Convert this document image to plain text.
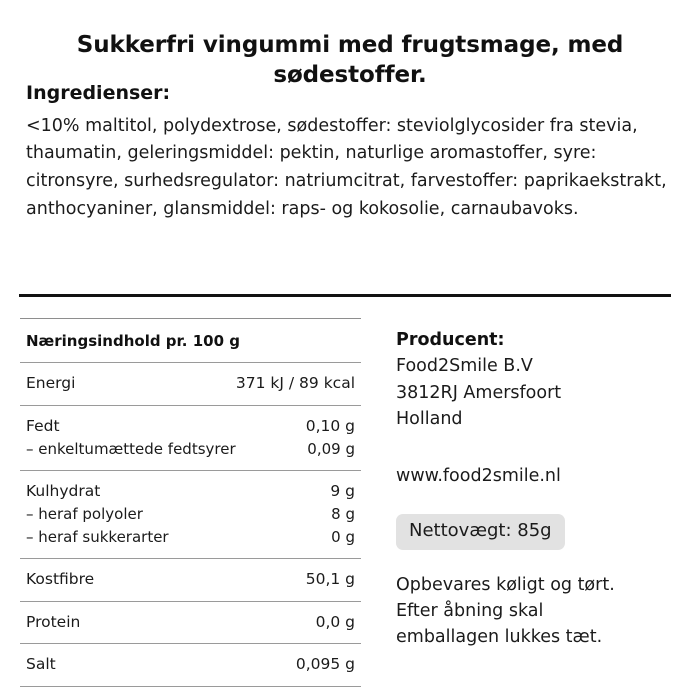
Sukkerfri vingummi med frugtsmage, med sødestoffer.
Ingredienser:
<10% maltitol, polydextrose, sødestoffer: steviolglycosider fra stevia, thaumatin, geleringsmiddel: pektin, naturlige aromastoffer, syre: citronsyre, surhedsregulator: natriumcitrat, farvestoffer: paprikaekstrakt, anthocyaniner, glansmiddel: raps- og kokosolie, carnaubavoks.
Næringsindhold pr. 100 g
Energi	371 kJ / 89 kcal
Fedt	0,10 g
– enkeltumættede fedtsyrer	0,09 g
Kulhydrat	9 g
– heraf polyoler	8 g
– heraf sukkerarter	0 g
Kostfibre	50,1 g
Protein	0,0 g
Salt	0,095 g
Producent:
Food2Smile B.V
3812RJ Amersfoort
Holland
www.food2smile.nl
Nettovægt: 85g
Opbevares køligt og tørt.
Efter åbning skal
emballagen lukkes tæt.
